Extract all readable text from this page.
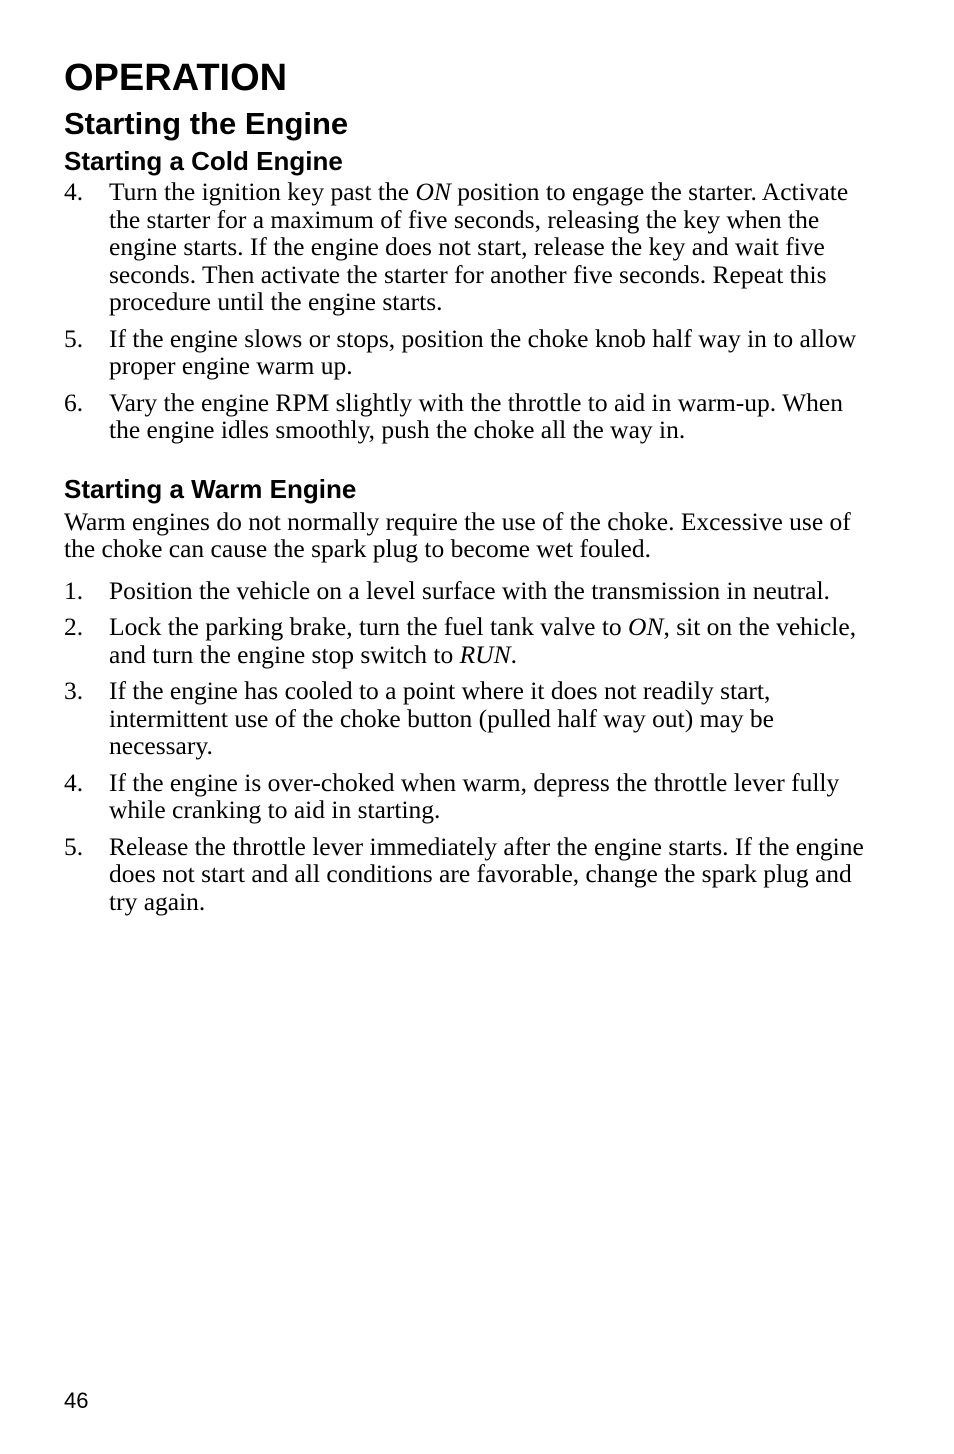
OPERATION
Starting the Engine
Starting a Cold Engine
4. Turn the ignition key past the ON position to engage the starter. Activate the starter for a maximum of five seconds, releasing the key when the engine starts. If the engine does not start, release the key and wait five seconds. Then activate the starter for another five seconds. Repeat this procedure until the engine starts.
5. If the engine slows or stops, position the choke knob half way in to allow proper engine warm up.
6. Vary the engine RPM slightly with the throttle to aid in warm-up. When the engine idles smoothly, push the choke all the way in.
Starting a Warm Engine

Warm engines do not normally require the use of the choke. Excessive use of the choke can cause the spark plug to become wet fouled.

1. Position the vehicle on a level surface with the transmission in neutral.
2. Lock the parking brake, turn the fuel tank valve to ON, sit on the vehicle, and turn the engine stop switch to RUN.
3. If the engine has cooled to a point where it does not readily start, intermittent use of the choke button (pulled half way out) may be necessary.
4. If the engine is over-choked when warm, depress the throttle lever fully while cranking to aid in starting.
5. Release the throttle lever immediately after the engine starts. If the engine does not start and all conditions are favorable, change the spark plug and try again.
46
